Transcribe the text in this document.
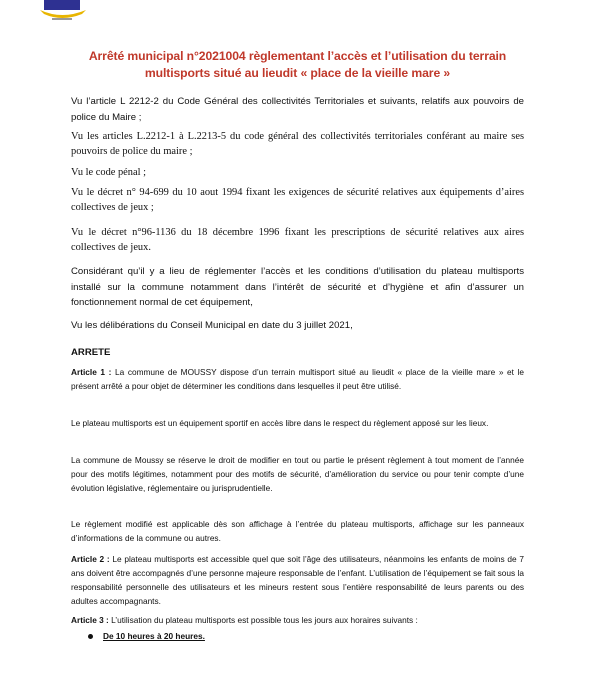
Arrêté municipal n°2021004 règlementant l’accès et l’utilisation du terrain
multisports situé au lieudit « place de la vieille mare »

Vu l’article L 2212-2 du Code Général des collectivités Territoriales et suivants, relatifs aux pouvoirs de police du Maire ;

Vu les articles L.2212-1 à L.2213-5 du code général des collectivités territoriales conférant au maire ses pouvoirs de police du maire ;

Vu le code pénal ;

Vu le décret n° 94-699 du 10 aout 1994 fixant les exigences de sécurité relatives aux équipements d’aires collectives de jeux ;

Vu le décret n°96-1136 du 18 décembre 1996 fixant les prescriptions de sécurité relatives aux aires collectives de jeux.

Considérant qu’il y a lieu de réglementer l’accès et les conditions d’utilisation du plateau multisports installé sur la commune notamment dans l’intérêt de sécurité et d’hygiène et afin d’assurer un fonctionnement normal de cet équipement,

Vu les délibérations du Conseil Municipal en date du 3 juillet 2021,

ARRETE

Article 1 : La commune de MOUSSY dispose d’un terrain multisport situé au lieudit « place de la vieille mare » et le présent arrêté a pour objet de déterminer les conditions dans lesquelles il peut être utilisé.

Le plateau multisports est un équipement sportif en accès libre dans le respect du règlement apposé sur les lieux.

La commune de Moussy se réserve le droit de modifier en tout ou partie le présent règlement à tout moment de l’année pour des motifs légitimes, notamment pour des motifs de sécurité, d’amélioration du service ou pour tenir compte d’une évolution législative, réglementaire ou jurisprudentielle.

Le règlement modifié est applicable dès son affichage à l’entrée du plateau multisports, affichage sur les panneaux d’informations de la commune ou autres.

Article 2 : Le plateau multisports est accessible quel que soit l’âge des utilisateurs, néanmoins les enfants de moins de 7 ans doivent être accompagnés d’une personne majeure responsable de l’enfant. L’utilisation de l’équipement se fait sous la responsabilité personnelle des utilisateurs et les mineurs restent sous l’entière responsabilité de leurs parents ou des adultes accompagnants.

Article 3 : L’utilisation du plateau multisports est possible tous les jours aux horaires suivants :

De 10 heures à 20 heures.
